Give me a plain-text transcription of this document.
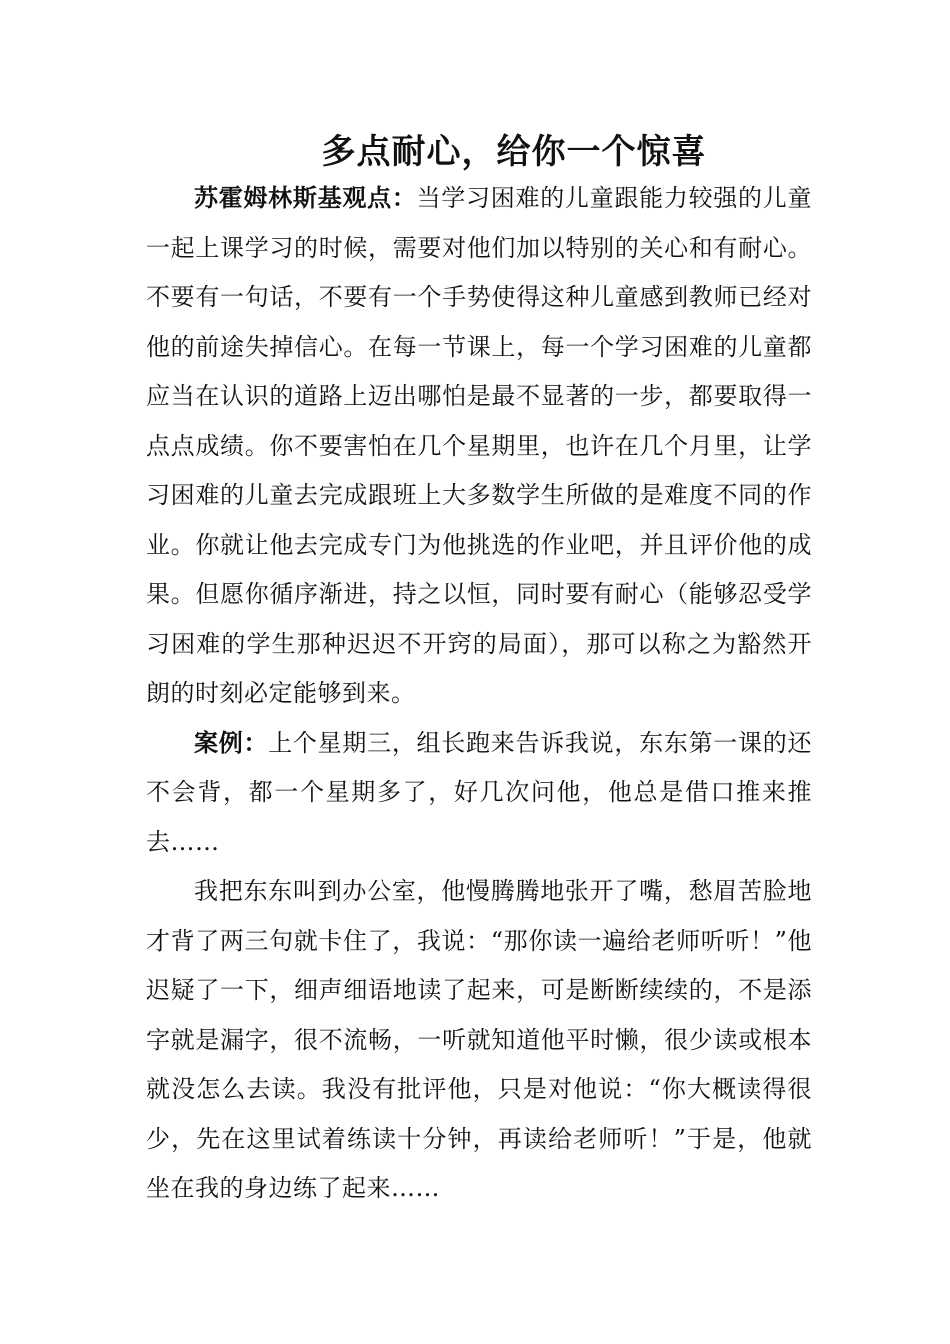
多点耐心，给你一个惊喜

苏霍姆林斯基观点：当学习困难的儿童跟能力较强的儿童一起上课学习的时候，需要对他们加以特别的关心和有耐心。不要有一句话，不要有一个手势使得这种儿童感到教师已经对他的前途失掉信心。在每一节课上，每一个学习困难的儿童都应当在认识的道路上迈出哪怕是最不显著的一步，都要取得一点点成绩。你不要害怕在几个星期里，也许在几个月里，让学习困难的儿童去完成跟班上大多数学生所做的是难度不同的作业。你就让他去完成专门为他挑选的作业吧，并且评价他的成果。但愿你循序渐进，持之以恒，同时要有耐心（能够忍受学习困难的学生那种迟迟不开窍的局面），那可以称之为豁然开朗的时刻必定能够到来。

案例：上个星期三，组长跑来告诉我说，东东第一课的还不会背，都一个星期多了，好几次问他，他总是借口推来推去……

我把东东叫到办公室，他慢腾腾地张开了嘴，愁眉苦脸地才背了两三句就卡住了，我说：“那你读一遍给老师听听！”他迟疑了一下，细声细语地读了起来，可是断断续续的，不是添字就是漏字，很不流畅，一听就知道他平时懒，很少读或根本就没怎么去读。我没有批评他，只是对他说：“你大概读得很少，先在这里试着练读十分钟，再读给老师听！”于是，他就坐在我的身边练了起来……
